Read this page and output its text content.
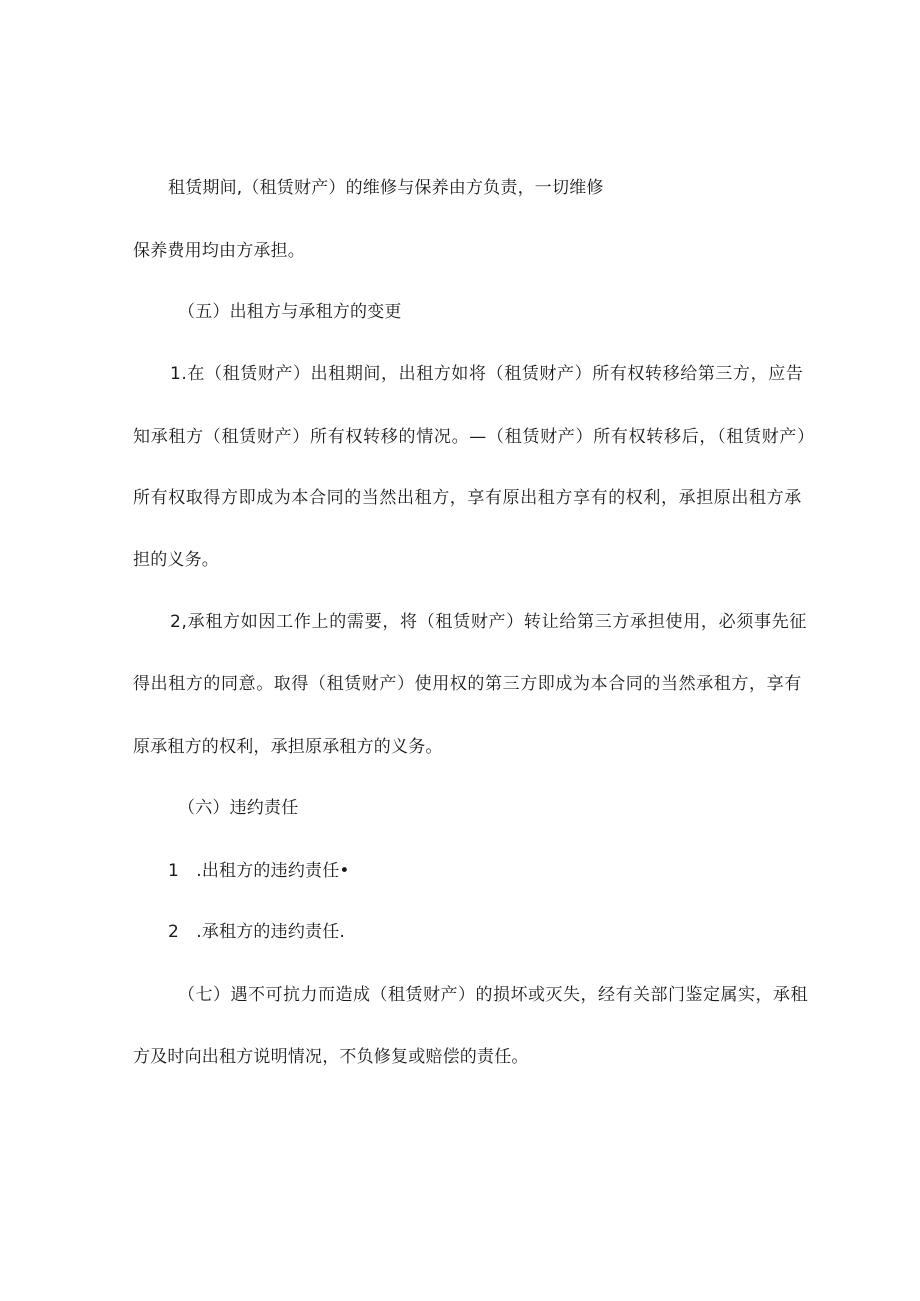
租赁期间,（租赁财产）的维修与保养由方负责，一切维修

保养费用均由方承担。

（五）出租方与承租方的变更

1.在（租赁财产）出租期间，出租方如将（租赁财产）所有权转移给第三方，应告

知承租方（租赁财产）所有权转移的情况。—（租赁财产）所有权转移后，（租赁财产）

所有权取得方即成为本合同的当然出租方，享有原出租方享有的权利，承担原出租方承

担的义务。

2,承租方如因工作上的需要，将（租赁财产）转让给第三方承担使用，必须事先征

得出租方的同意。取得（租赁财产）使用权的第三方即成为本合同的当然承租方，享有

原承租方的权利，承担原承租方的义务。

（六）违约责任

1　.出租方的违约责任•

2　.承租方的违约责任.

（七）遇不可抗力而造成（租赁财产）的损坏或灭失，经有关部门鉴定属实，承租

方及时向出租方说明情况，不负修复或赔偿的责任。
